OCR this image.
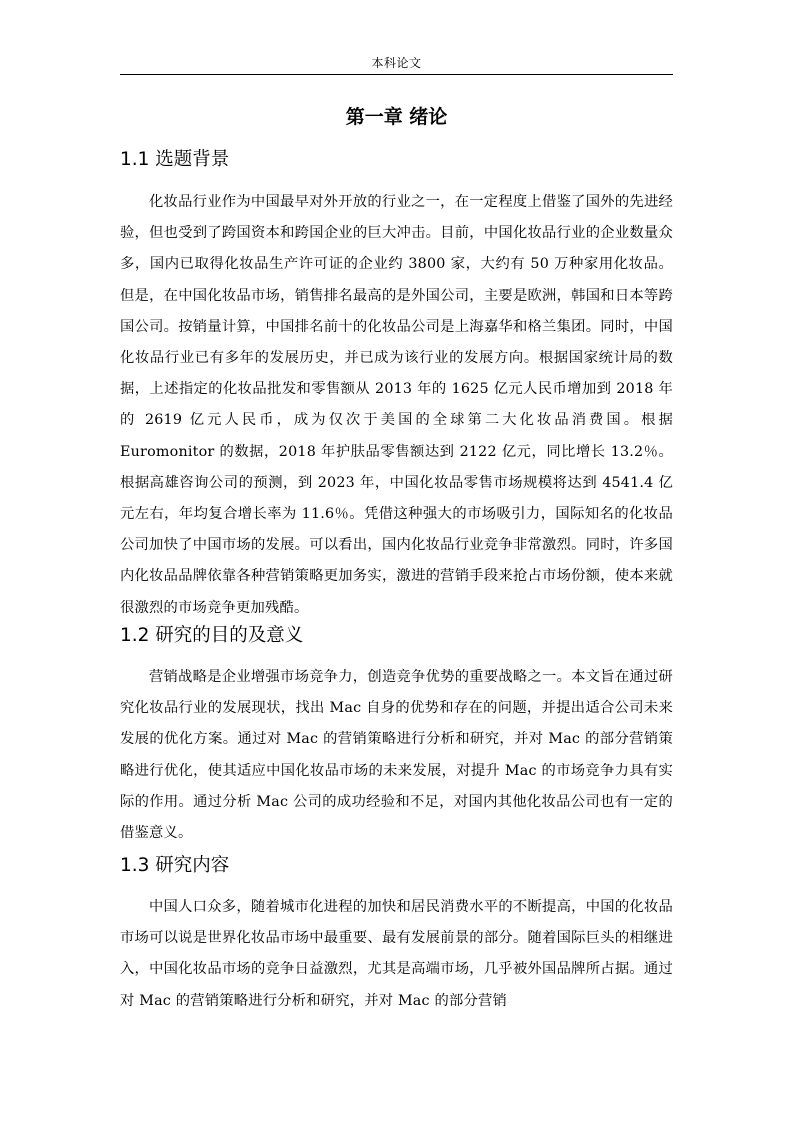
本科论文
第一章 绪论
1.1 选题背景

化妆品行业作为中国最早对外开放的行业之一，在一定程度上借鉴了国外的先进经验，但也受到了跨国资本和跨国企业的巨大冲击。目前，中国化妆品行业的企业数量众多，国内已取得化妆品生产许可证的企业约 3800 家，大约有 50 万种家用化妆品。但是，在中国化妆品市场，销售排名最高的是外国公司，主要是欧洲，韩国和日本等跨国公司。按销量计算，中国排名前十的化妆品公司是上海嘉华和格兰集团。同时，中国化妆品行业已有多年的发展历史，并已成为该行业的发展方向。根据国家统计局的数据，上述指定的化妆品批发和零售额从 2013 年的 1625 亿元人民币增加到 2018 年的 2619 亿元人民币，成为仅次于美国的全球第二大化妆品消费国。根据 Euromonitor 的数据，2018 年护肤品零售额达到 2122 亿元，同比增长 13.2％。根据高雄咨询公司的预测，到 2023 年，中国化妆品零售市场规模将达到 4541.4 亿元左右，年均复合增长率为 11.6％。凭借这种强大的市场吸引力，国际知名的化妆品公司加快了中国市场的发展。可以看出，国内化妆品行业竞争非常激烈。同时，许多国内化妆品品牌依靠各种营销策略更加务实，激进的营销手段来抢占市场份额，使本来就很激烈的市场竞争更加残酷。

1.2 研究的目的及意义

营销战略是企业增强市场竞争力，创造竞争优势的重要战略之一。本文旨在通过研究化妆品行业的发展现状，找出 Mac 自身的优势和存在的问题，并提出适合公司未来发展的优化方案。通过对 Mac 的营销策略进行分析和研究，并对 Mac 的部分营销策略进行优化，使其适应中国化妆品市场的未来发展，对提升 Mac 的市场竞争力具有实际的作用。通过分析 Mac 公司的成功经验和不足，对国内其他化妆品公司也有一定的借鉴意义。

1.3 研究内容

中国人口众多，随着城市化进程的加快和居民消费水平的不断提高，中国的化妆品市场可以说是世界化妆品市场中最重要、最有发展前景的部分。随着国际巨头的相继进入，中国化妆品市场的竞争日益激烈，尤其是高端市场，几乎被外国品牌所占据。通过对 Mac 的营销策略进行分析和研究，并对 Mac 的部分营销
